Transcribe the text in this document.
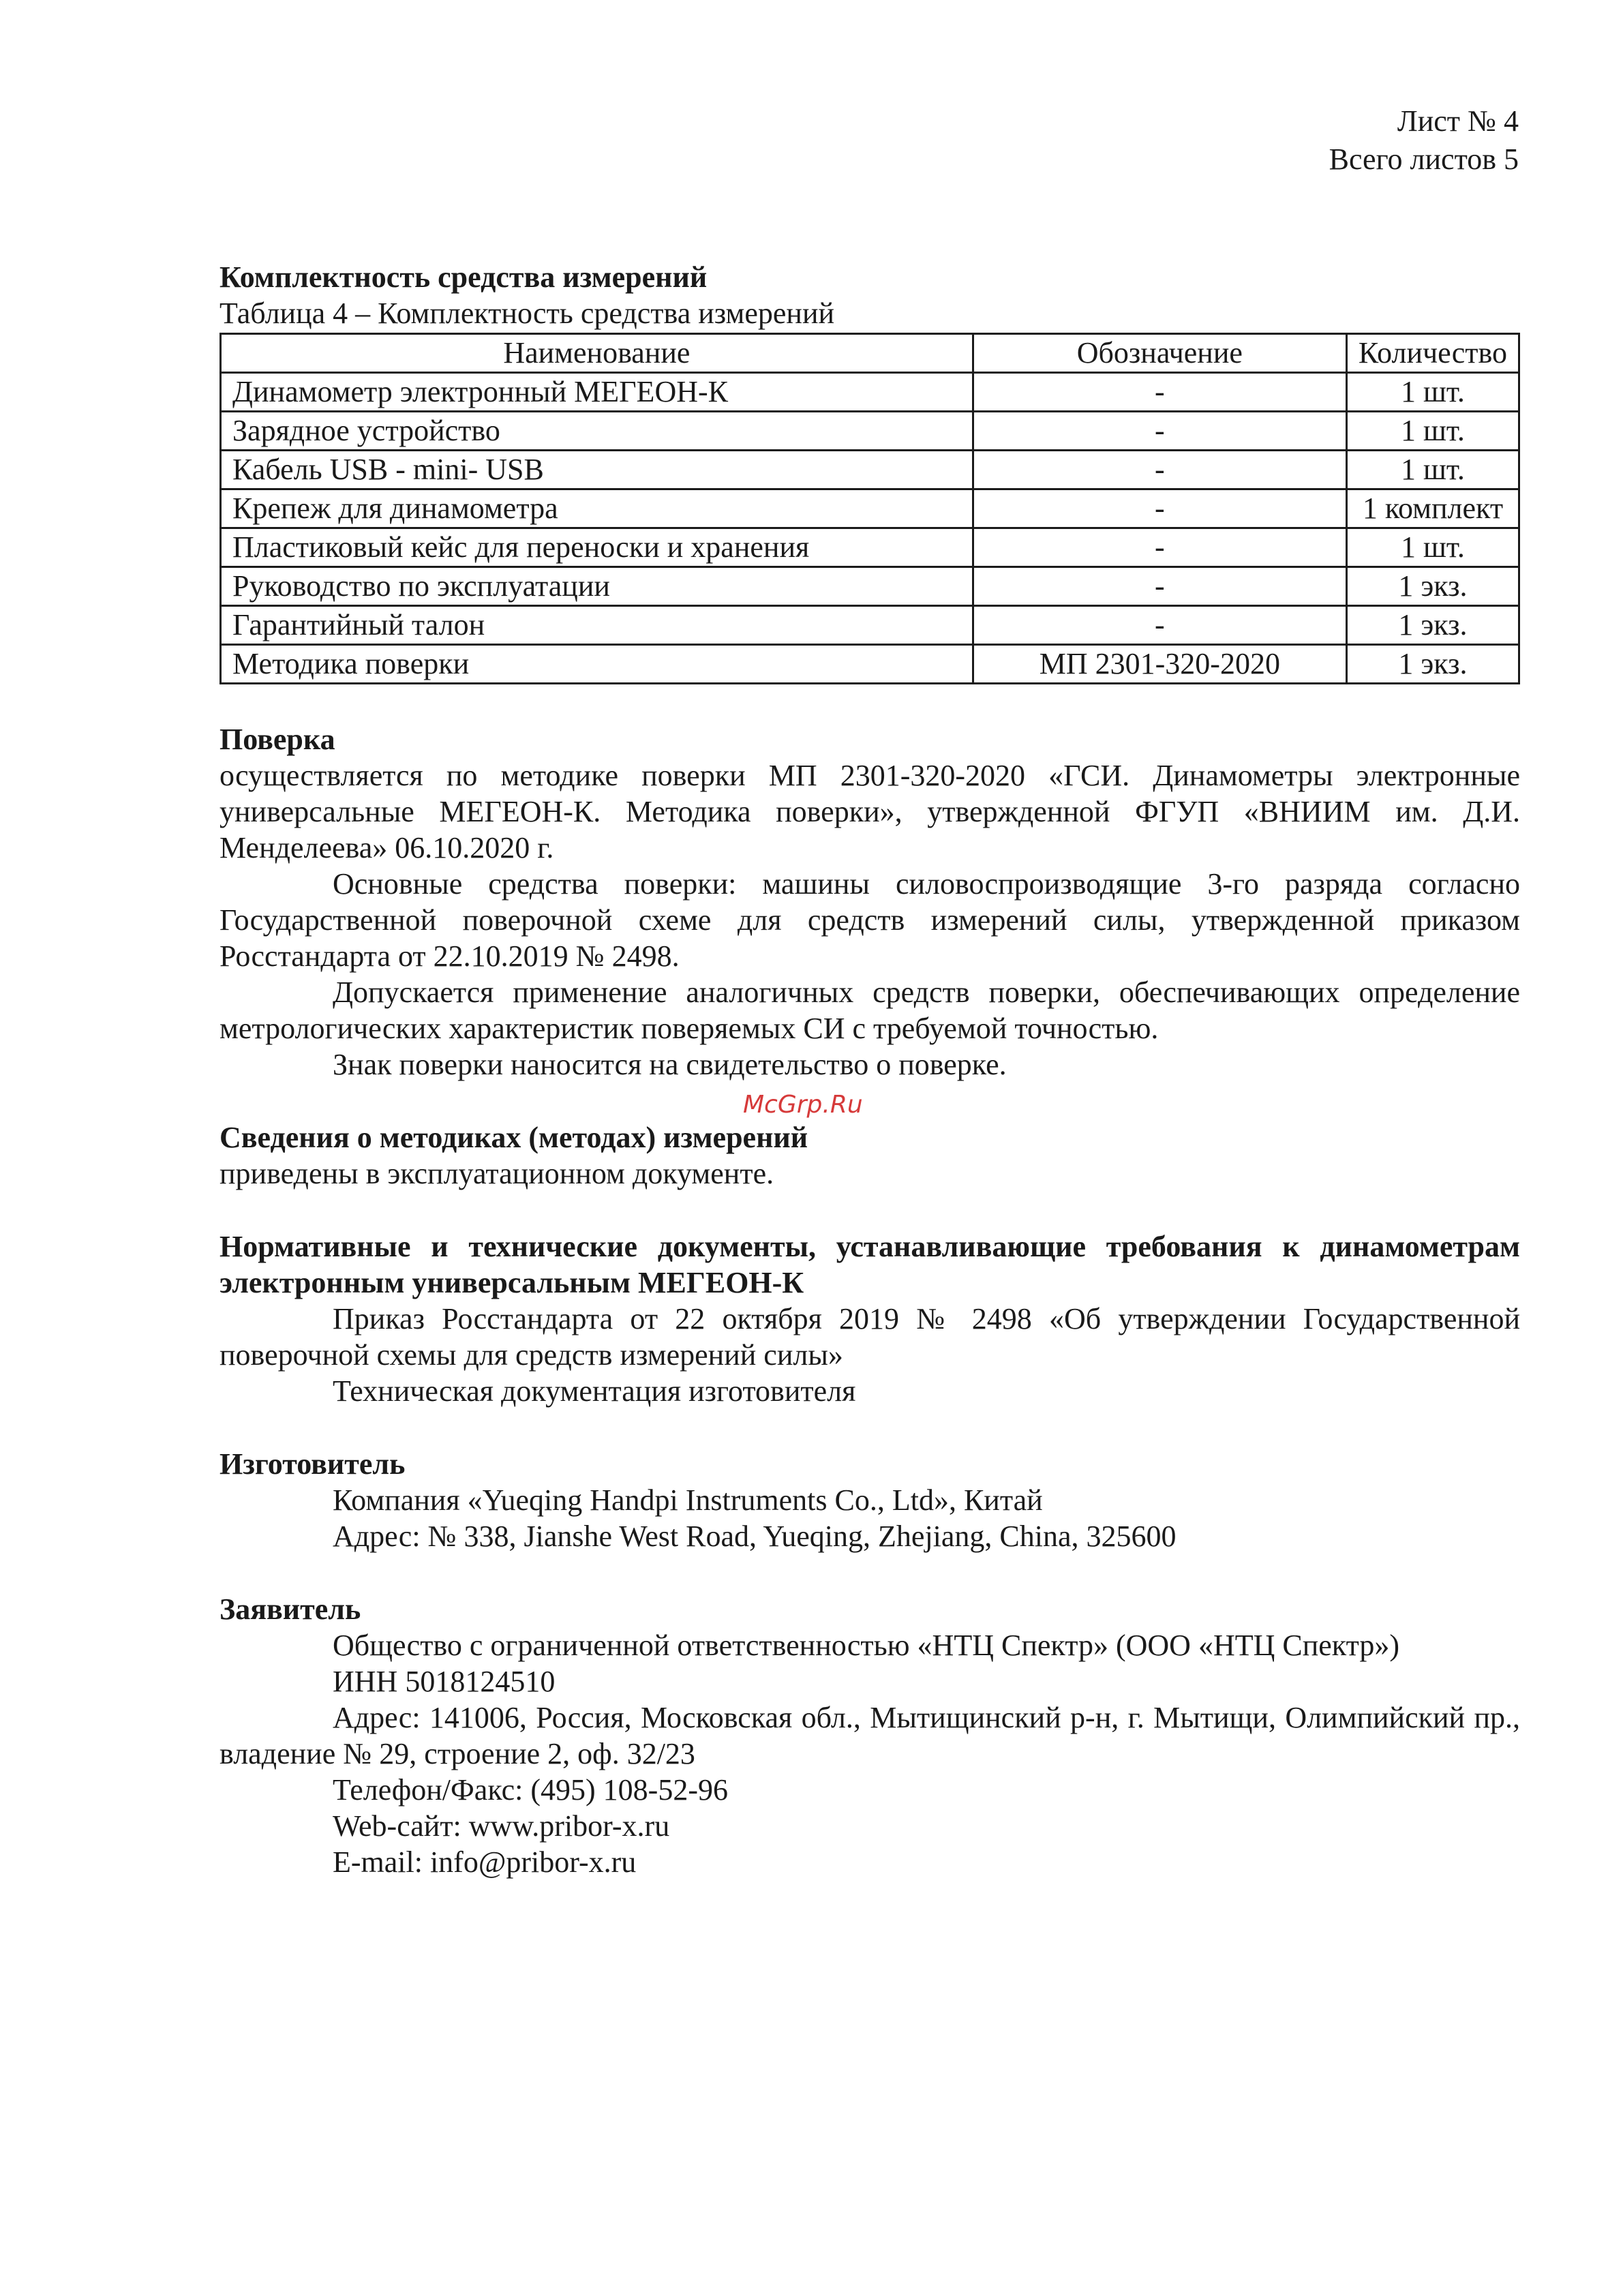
Лист № 4
Всего листов 5
Комплектность средства измерений
Таблица 4 – Комплектность средства измерений
Наименование	Обозначение	Количество
Динамометр электронный МЕГЕОН-К	-	1 шт.
Зарядное устройство	-	1 шт.
Кабель USB - mini- USB	-	1 шт.
Крепеж для динамометра	-	1 комплект
Пластиковый кейс для переноски и хранения	-	1 шт.
Руководство по эксплуатации	-	1 экз.
Гарантийный талон	-	1 экз.
Методика поверки	МП 2301-320-2020	1 экз.
Поверка
осуществляется по методике поверки МП 2301-320-2020 «ГСИ. Динамометры электронные универсальные МЕГЕОН-К. Методика поверки», утвержденной ФГУП «ВНИИМ им. Д.И. Менделеева» 06.10.2020 г.
Основные средства поверки: машины силовоспроизводящие 3-го разряда согласно Государственной поверочной схеме для средств измерений силы, утвержденной приказом Росстандарта от 22.10.2019 № 2498.
Допускается применение аналогичных средств поверки, обеспечивающих определение метрологических характеристик поверяемых СИ с требуемой точностью.
Знак поверки наносится на свидетельство о поверке.
Сведения о методиках (методах) измерений
приведены в эксплуатационном документе.
Нормативные и технические документы, устанавливающие требования к динамометрам электронным универсальным МЕГЕОН-К
Приказ Росстандарта от 22 октября 2019 № 2498 «Об утверждении Государственной поверочной схемы для средств измерений силы»
Техническая документация изготовителя
Изготовитель
Компания «Yueqing Handpi Instruments Co., Ltd», Китай
Адрес: № 338, Jianshe West Road, Yueqing, Zhejiang, China, 325600
Заявитель
Общество с ограниченной ответственностью «НТЦ Спектр» (ООО «НТЦ Спектр»)
ИНН 5018124510
Адрес: 141006, Россия, Московская обл., Мытищинский р-н, г. Мытищи, Олимпийский пр., владение № 29, строение 2, оф. 32/23
Телефон/Факс: (495) 108-52-96
Web-сайт: www.pribor-x.ru
E-mail: info@pribor-x.ru
McGrp.Ru
